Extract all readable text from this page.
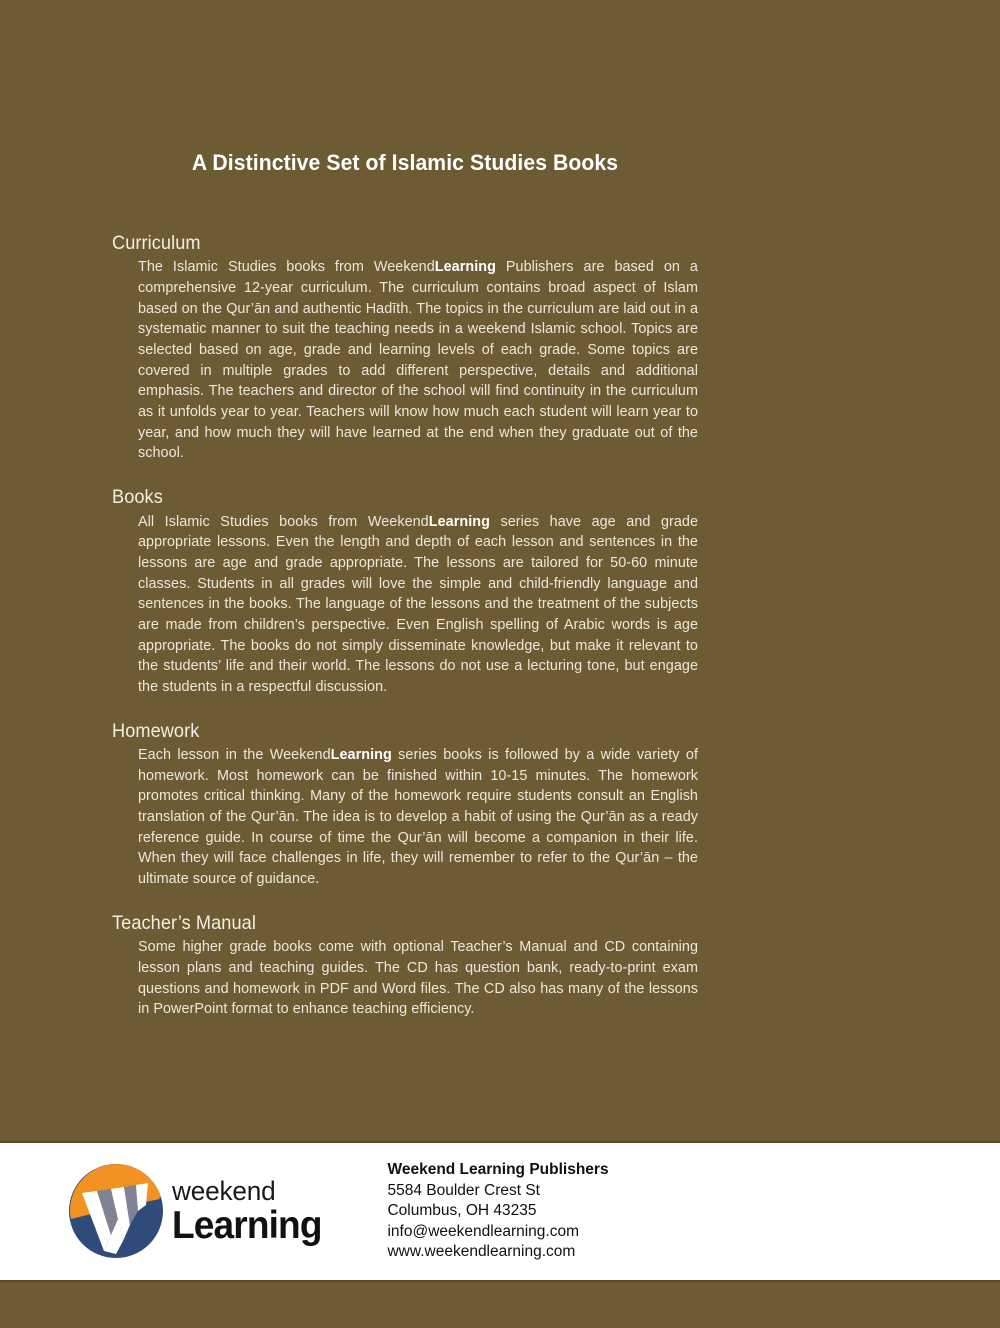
A Distinctive Set of Islamic Studies Books
Curriculum

The Islamic Studies books from WeekendLearning Publishers are based on a comprehensive 12-year curriculum. The curriculum contains broad aspect of Islam based on the Qur’ān and authentic Hadīth. The topics in the curriculum are laid out in a systematic manner to suit the teaching needs in a weekend Islamic school. Topics are selected based on age, grade and learning levels of each grade. Some topics are covered in multiple grades to add different perspective, details and additional emphasis. The teachers and director of the school will find continuity in the curriculum as it unfolds year to year. Teachers will know how much each student will learn year to year, and how much they will have learned at the end when they graduate out of the school.

Books

All Islamic Studies books from WeekendLearning series have age and grade appropriate lessons. Even the length and depth of each lesson and sentences in the lessons are age and grade appropriate. The lessons are tailored for 50-60 minute classes. Students in all grades will love the simple and child-friendly language and sentences in the books. The language of the lessons and the treatment of the subjects are made from children’s perspective. Even English spelling of Arabic words is age appropriate. The books do not simply disseminate knowledge, but make it relevant to the students’ life and their world. The lessons do not use a lecturing tone, but engage the students in a respectful discussion.

Homework

Each lesson in the WeekendLearning series books is followed by a wide variety of homework. Most homework can be finished within 10-15 minutes. The homework promotes critical thinking. Many of the homework require students consult an English translation of the Qur’ān. The idea is to develop a habit of using the Qur’ān as a ready reference guide. In course of time the Qur’ān will become a companion in their life. When they will face challenges in life, they will remember to refer to the Qur’ān – the ultimate source of guidance.

Teacher’s Manual

Some higher grade books come with optional Teacher’s Manual and CD containing lesson plans and teaching guides. The CD has question bank, ready-to-print exam questions and homework in PDF and Word files. The CD also has many of the lessons in PowerPoint format to enhance teaching efficiency.

weekend
Learning
Weekend Learning Publishers
5584 Boulder Crest St
Columbus, OH 43235
info@weekendlearning.com
www.weekendlearning.com
